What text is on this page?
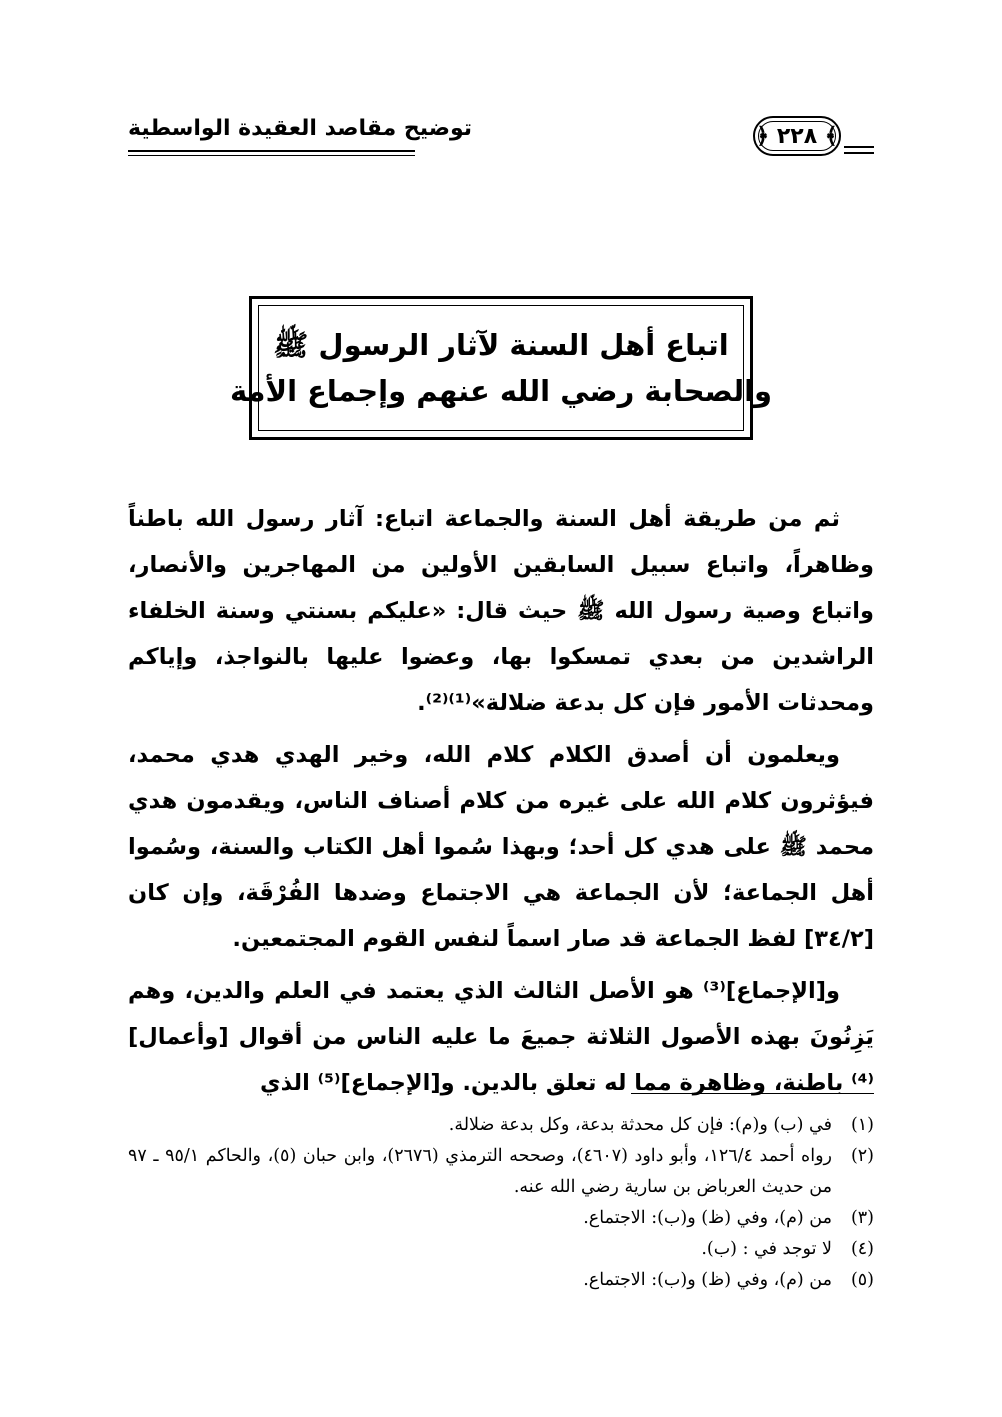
توضيح مقاصد العقيدة الواسطية	﴿ ٢٢٨ ﴾
اتباع أهل السنة لآثار الرسول ﷺ
والصحابة رضي الله عنهم وإجماع الأمة

ثم من طريقة أهل السنة والجماعة اتباع: آثار رسول الله باطناً وظاهراً، واتباع سبيل السابقين الأولين من المهاجرين والأنصار، واتباع وصية رسول الله ﷺ حيث قال: «عليكم بسنتي وسنة الخلفاء الراشدين من بعدي تمسكوا بها، وعضوا عليها بالنواجذ، وإياكم ومحدثات الأمور فإن كل بدعة ضلالة»⁽¹⁾⁽²⁾.

ويعلمون أن أصدق الكلام كلام الله، وخير الهدي هدي محمد، فيؤثرون كلام الله على غيره من كلام أصناف الناس، ويقدمون هدي محمد ﷺ على هدي كل أحد؛ وبهذا سُموا أهل الكتاب والسنة، وسُموا أهل الجماعة؛ لأن الجماعة هي الاجتماع وضدها الفُرْقَة، وإن كان [٣٤/٢] لفظ الجماعة قد صار اسماً لنفس القوم المجتمعين.

و[الإجماع]⁽³⁾ هو الأصل الثالث الذي يعتمد في العلم والدين، وهم يَزِنُونَ بهذه الأصول الثلاثة جميعَ ما عليه الناس من أقوال [وأعمال]⁽⁴⁾ باطنة، وظاهرة مما له تعلق بالدين. و[الإجماع]⁽⁵⁾ الذي

(١)
في (ب) و(م): فإن كل محدثة بدعة، وكل بدعة ضلالة.
(٢)
رواه أحمد ١٢٦/٤، وأبو داود (٤٦٠٧)، وصححه الترمذي (٢٦٧٦)، وابن حبان (٥)، والحاكم ٩٥/١ ـ ٩٧ من حديث العرباض بن سارية رضي الله عنه.
(٣)
من (م)، وفي (ظ) و(ب): الاجتماع.
(٤)
لا توجد في : (ب).
(٥)
من (م)، وفي (ظ) و(ب): الاجتماع.
